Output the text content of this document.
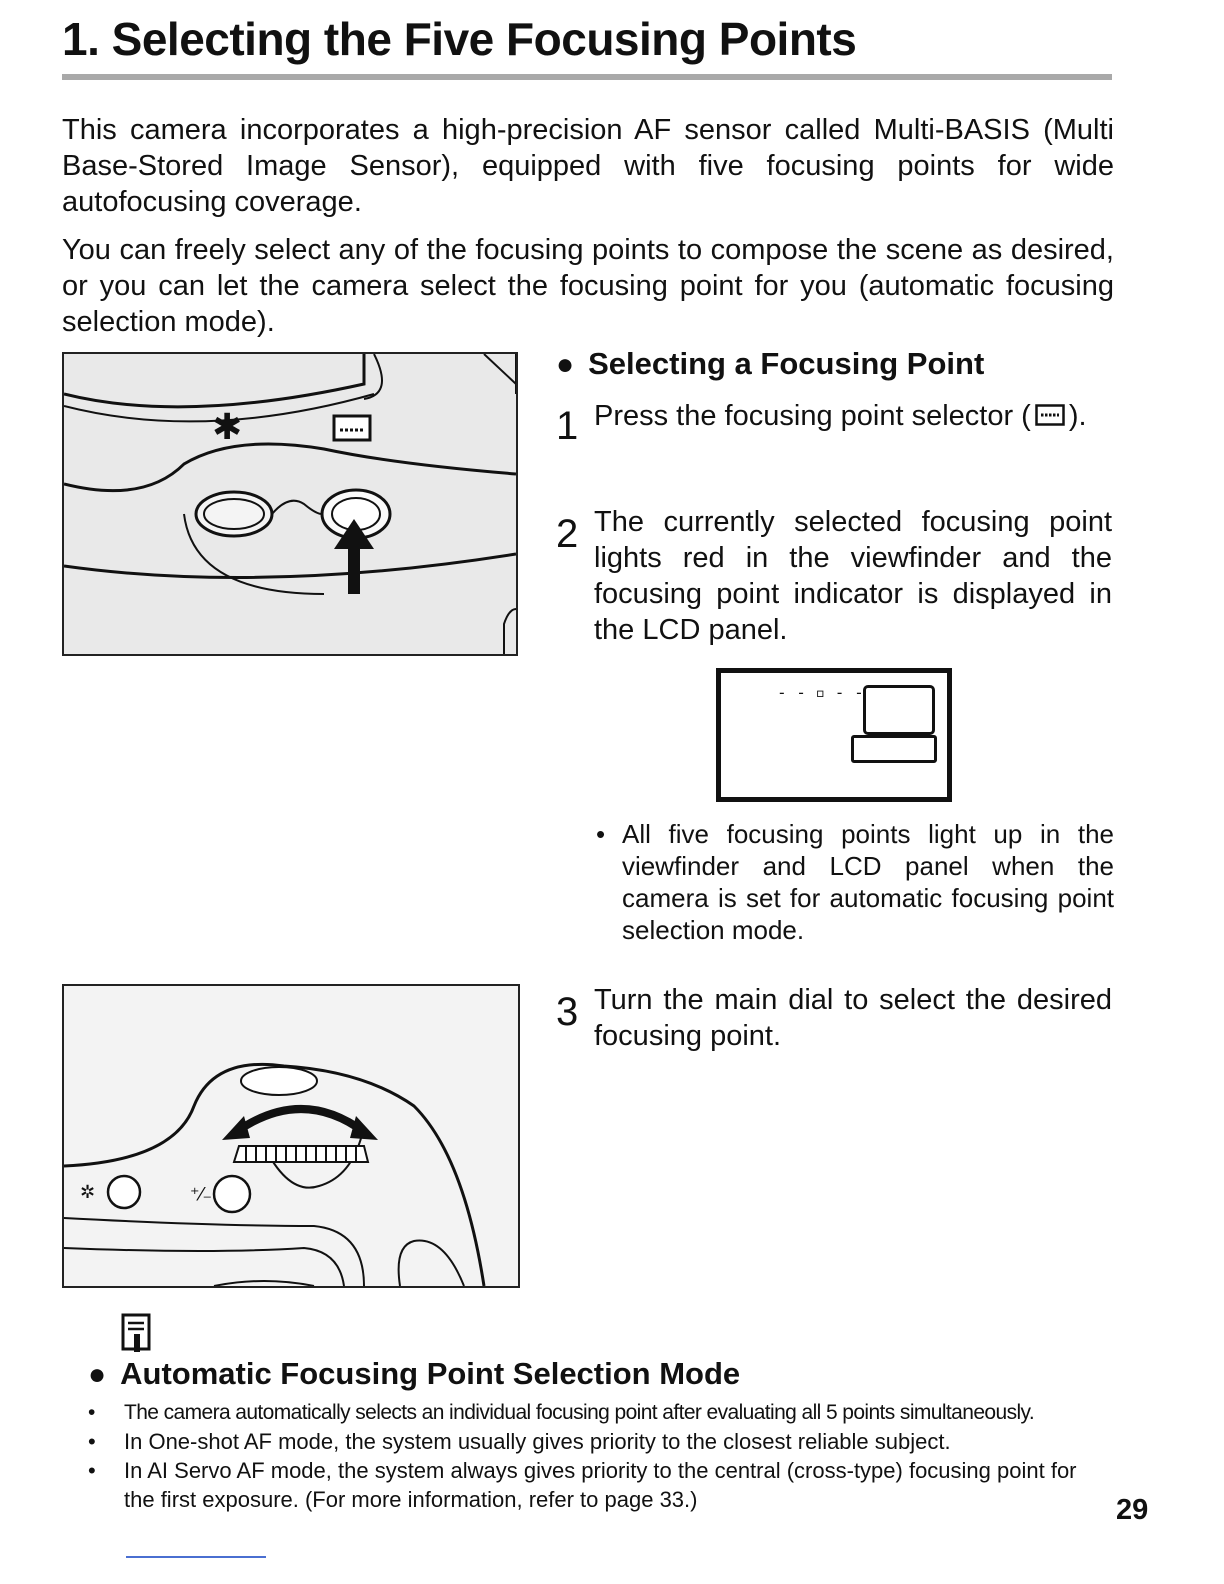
1. Selecting the Five Focusing Points

This camera incorporates a high-precision AF sensor called Multi-BASIS (Multi Base-Stored Image Sensor), equipped with five focusing points for wide autofocusing coverage.

You can freely select any of the focusing points to compose the scene as desired, or you can let the camera select the focusing point for you (automatic focusing selection mode).

✱
● Selecting a Focusing Point
1 Press the focusing point selector ( ).
2 The currently selected focusing point lights red in the viewfinder and the focusing point indicator is displayed in the LCD panel.
- - ▫ - -
• All five focusing points light up in the viewfinder and LCD panel when the camera is set for automatic focusing point selection mode.
✲	⁺⁄₋
3 Turn the main dial to select the desired focusing point.
● Automatic Focusing Point Selection Mode
• The camera automatically selects an individual focusing point after evaluating all 5 points simultaneously.
• In One-shot AF mode, the system usually gives priority to the closest reliable subject.
• In AI Servo AF mode, the system always gives priority to the central (cross-type) focusing point for the first exposure. (For more information, refer to page 33.)	29
